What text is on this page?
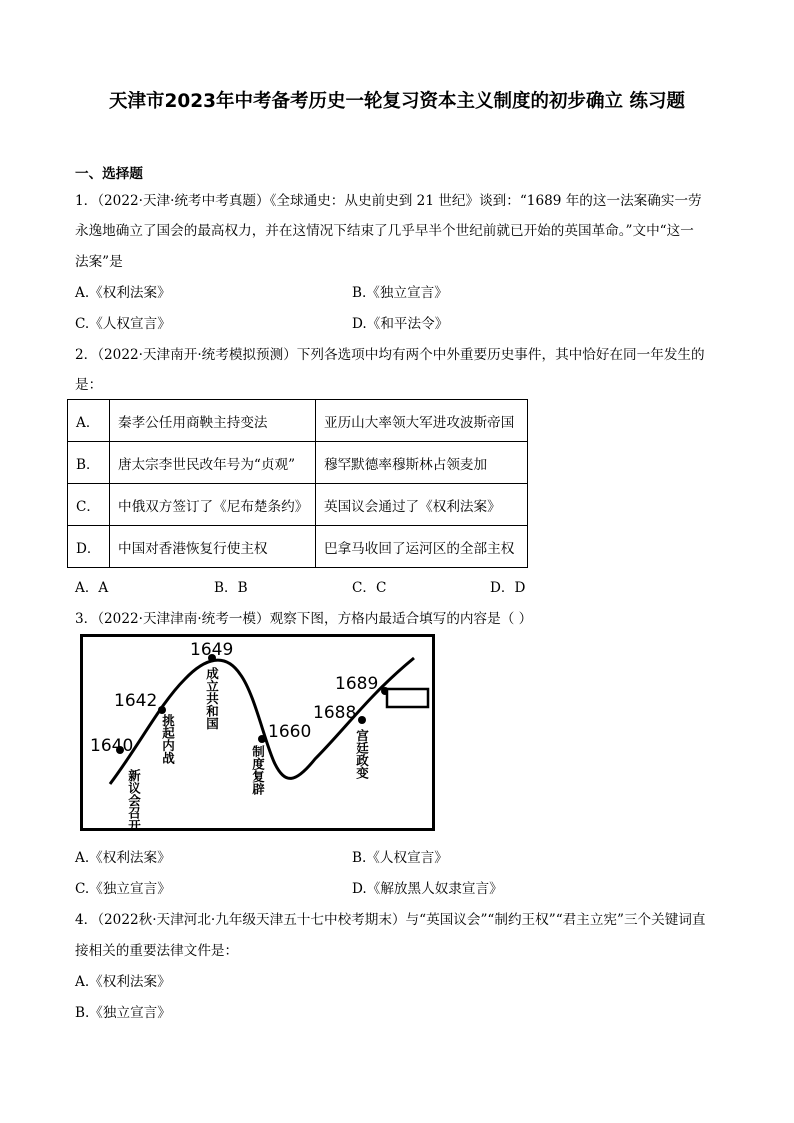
天津市2023年中考备考历史一轮复习资本主义制度的初步确立 练习题
一、选择题
1．（2022·天津·统考中考真题）《全球通史：从史前史到 21 世纪》谈到：“1689 年的这一法案确实一劳
永逸地确立了国会的最高权力，并在这情况下结束了几乎早半个世纪前就已开始的英国革命。”文中“这一
法案”是
A.《权利法案》	B.《独立宣言》
C.《人权宣言》	D.《和平法令》
2．（2022·天津南开·统考模拟预测）下列各选项中均有两个中外重要历史事件，其中恰好在同一年发生的
是：
A．	秦孝公任用商鞅主持变法	亚历山大率领大军进攻波斯帝国
B．	唐太宗李世民改年号为“贞观”	穆罕默德率穆斯林占领麦加
C．	中俄双方签订了《尼布楚条约》	英国议会通过了《权利法案》
D．	中国对香港恢复行使主权	巴拿马收回了运河区的全部主权
A．A	B．B	C．C	D．D
3．（2022·天津津南·统考一模）观察下图，方格内最适合填写的内容是（ ）
1640
1642
1649
1660
1688
1689
新议会召开
挑起内战
成立共和国
制度复辟	宫廷政变
A.《权利法案》	B.《人权宣言》
C.《独立宣言》	D.《解放黑人奴隶宣言》
4．（2022秋·天津河北·九年级天津五十七中校考期末）与“英国议会”“制约王权”“君主立宪”三个关键词直
接相关的重要法律文件是：
A.《权利法案》
B.《独立宣言》
